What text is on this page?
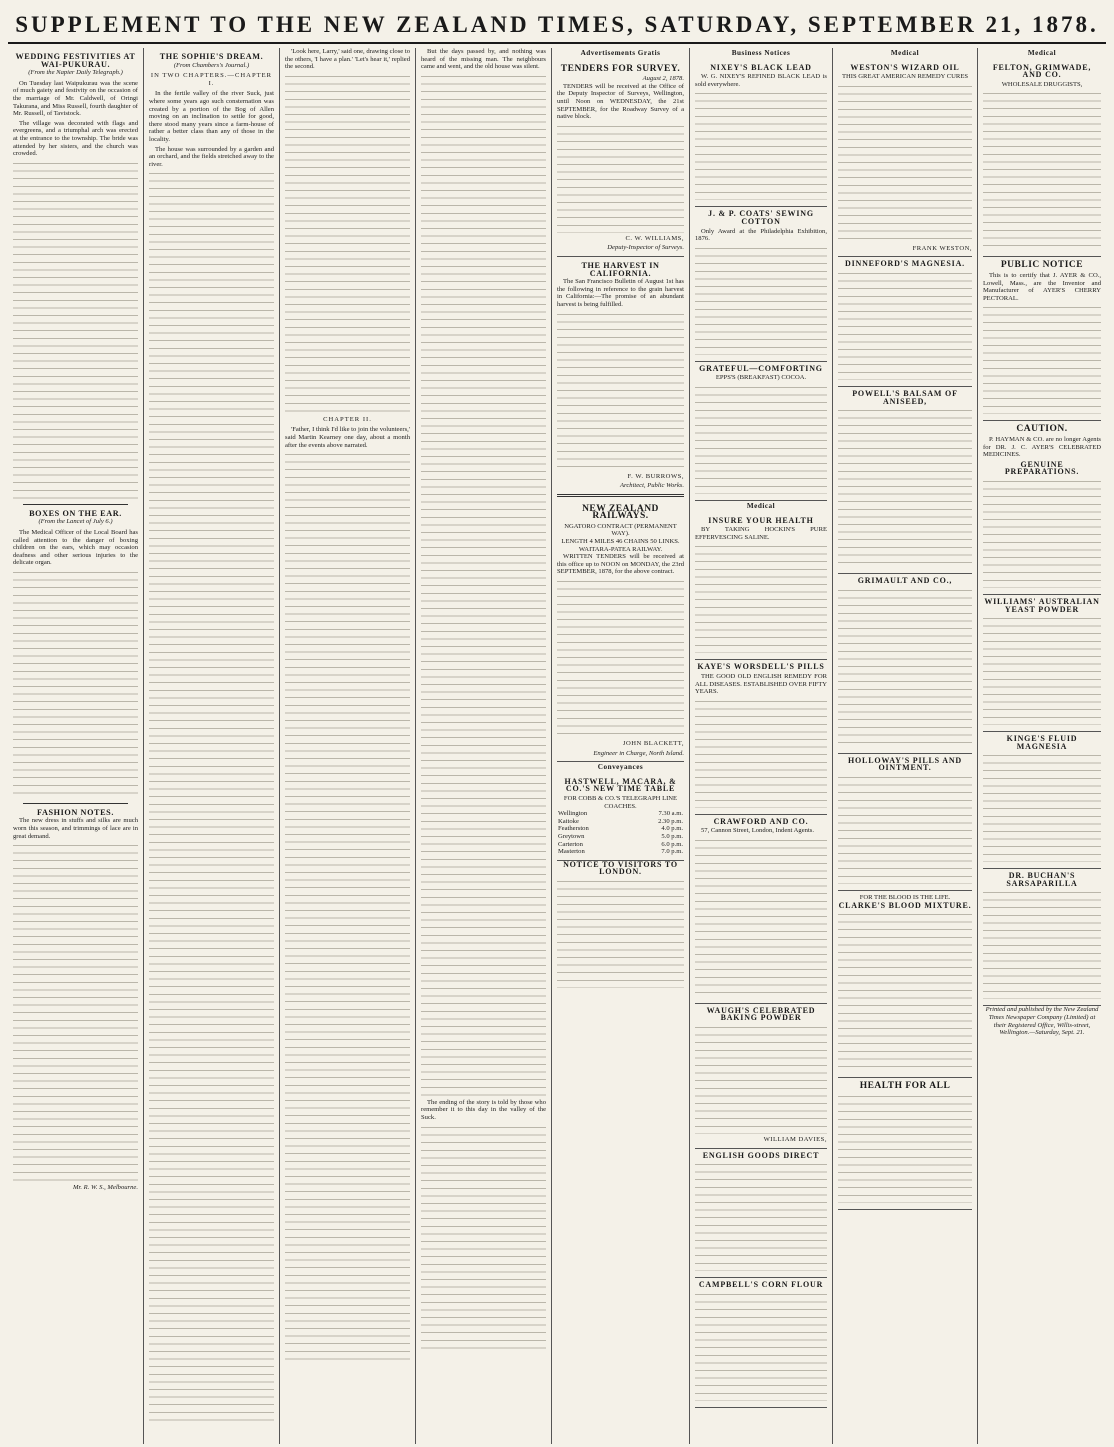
SUPPLEMENT TO THE NEW ZEALAND TIMES, SATURDAY, SEPTEMBER 21, 1878.
WEDDING FESTIVITIES AT WAI-PUKURAU.
(From the Napier Daily Telegraph.)

On Tuesday last Waipukurau was the scene of much gaiety and festivity on the occasion of the marriage of Mr. Caldwell, of Oringi Takurana, and Miss Russell, fourth daughter of Mr. Russell, of Tavistock.

The village was decorated with flags and evergreens, and a triumphal arch was erected at the entrance to the township. The bride was attended by her sisters, and the church was crowded.

BOXES ON THE EAR.
(From the Lancet of July 6.)

The Medical Officer of the Local Board has called attention to the danger of boxing children on the ears, which may occasion deafness and other serious injuries to the delicate organ.

FASHION NOTES.

The new dress in stuffs and silks are much worn this season, and trimmings of lace are in great demand.

Mr. R. W. S., Melbourne.
THE SOPHIE'S DREAM.
(From Chambers's Journal.)
IN TWO CHAPTERS.—CHAPTER I.

In the fertile valley of the river Suck, just where some years ago such consternation was created by a portion of the Bog of Allen moving on an inclination to settle for good, there stood many years since a farm-house of rather a better class than any of those in the locality.

The house was surrounded by a garden and an orchard, and the fields stretched away to the river.

'Look here, Larry,' said one, drawing close to the others, 'I have a plan.' 'Let's hear it,' replied the second.

CHAPTER II.

'Father, I think I'd like to join the volunteers,' said Martin Kearney one day, about a month after the events above narrated.

But the days passed by, and nothing was heard of the missing man. The neighbours came and went, and the old house was silent.

The ending of the story is told by those who remember it to this day in the valley of the Suck.

Advertisements Gratis
TENDERS FOR SURVEY.
August 2, 1878.

TENDERS will be received at the Office of the Deputy Inspector of Surveys, Wellington, until Noon on WEDNESDAY, the 21st SEPTEMBER, for the Roadway Survey of a native block.

C. W. WILLIAMS,
Deputy-Inspector of Surveys.
THE HARVEST IN CALIFORNIA.

The San Francisco Bulletin of August 1st has the following in reference to the grain harvest in California:—The promise of an abundant harvest is being fulfilled.

F. W. BURROWS,
Architect, Public Works.
NEW ZEALAND RAILWAYS.
NGATORO CONTRACT (PERMANENT WAY).
LENGTH 4 MILES 46 CHAINS 50 LINKS.
WAITARA-PATEA RAILWAY.

WRITTEN TENDERS will be received at this office up to NOON on MONDAY, the 23rd SEPTEMBER, 1878, for the above contract.

JOHN BLACKETT,
Engineer in Charge, North Island.
Conveyances
HASTWELL, MACARA, & CO.'S NEW TIME TABLE
FOR COBB & CO.'S TELEGRAPH LINE COACHES.
Wellington	7.30 a.m.
Kaitoke	2.30 p.m.
Featherston	4.0 p.m.
Greytown	5.0 p.m.
Carterton	6.0 p.m.
Masterton	7.0 p.m.
NOTICE TO VISITORS TO LONDON.
Business Notices
NIXEY'S BLACK LEAD

W. G. NIXEY'S REFINED BLACK LEAD is sold everywhere.

J. & P. COATS' SEWING COTTON

Only Award at the Philadelphia Exhibition, 1876.

GRATEFUL—COMFORTING
EPPS'S (BREAKFAST) COCOA.
Medical
INSURE YOUR HEALTH

BY TAKING HOCKIN'S PURE EFFERVESCING SALINE.

KAYE'S WORSDELL'S PILLS

THE GOOD OLD ENGLISH REMEDY FOR ALL DISEASES. ESTABLISHED OVER FIFTY YEARS.

CRAWFORD AND CO.

57, Cannon Street, London, Indent Agents.

WAUGH'S CELEBRATED BAKING POWDER
WILLIAM DAVIES,
ENGLISH GOODS DIRECT
CAMPBELL'S CORN FLOUR
Medical
WESTON'S WIZARD OIL
THIS GREAT AMERICAN REMEDY CURES
FRANK WESTON,
DINNEFORD'S MAGNESIA.
POWELL'S BALSAM OF ANISEED,
GRIMAULT AND CO.,
HOLLOWAY'S PILLS AND OINTMENT.
FOR THE BLOOD IS THE LIFE.
CLARKE'S BLOOD MIXTURE.
HEALTH FOR ALL
Medical
FELTON, GRIMWADE, AND CO.
WHOLESALE DRUGGISTS,
PUBLIC NOTICE

This is to certify that J. AYER & CO., Lowell, Mass., are the Inventor and Manufacturer of AYER'S CHERRY PECTORAL.

CAUTION.

P. HAYMAN & CO. are no longer Agents for DR. J. C. AYER'S CELEBRATED MEDICINES.

GENUINE PREPARATIONS.
WILLIAMS' AUSTRALIAN YEAST POWDER
KINGE'S FLUID MAGNESIA
DR. BUCHAN'S SARSAPARILLA
Printed and published by the New Zealand Times Newspaper Company (Limited) at their Registered Office, Willis-street, Wellington.—Saturday, Sept. 21.
